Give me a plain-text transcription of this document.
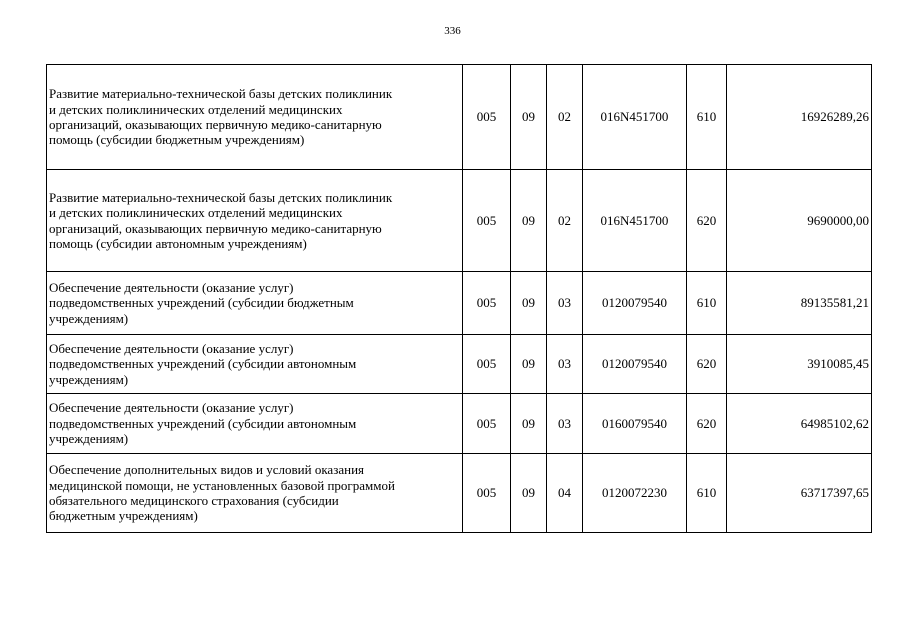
336
Развитие материально-технической базы детских поликлиник
и детских поликлинических отделений медицинских
организаций, оказывающих первичную медико-санитарную
помощь (субсидии бюджетным учреждениям)	005	09	02	016N451700	610	16926289,26

Развитие материально-технической базы детских поликлиник
и детских поликлинических отделений медицинских
организаций, оказывающих первичную медико-санитарную
помощь (субсидии автономным учреждениям)	005	09	02	016N451700	620	9690000,00

Обеспечение деятельности (оказание услуг)
подведомственных учреждений (субсидии бюджетным
учреждениям)	005	09	03	0120079540	610	89135581,21

Обеспечение деятельности (оказание услуг)
подведомственных учреждений (субсидии автономным
учреждениям)	005	09	03	0120079540	620	3910085,45

Обеспечение деятельности (оказание услуг)
подведомственных учреждений (субсидии автономным
учреждениям)	005	09	03	0160079540	620	64985102,62

Обеспечение дополнительных видов и условий оказания
медицинской помощи, не установленных базовой программой
обязательного медицинского страхования (субсидии
бюджетным учреждениям)	005	09	04	0120072230	610	63717397,65
